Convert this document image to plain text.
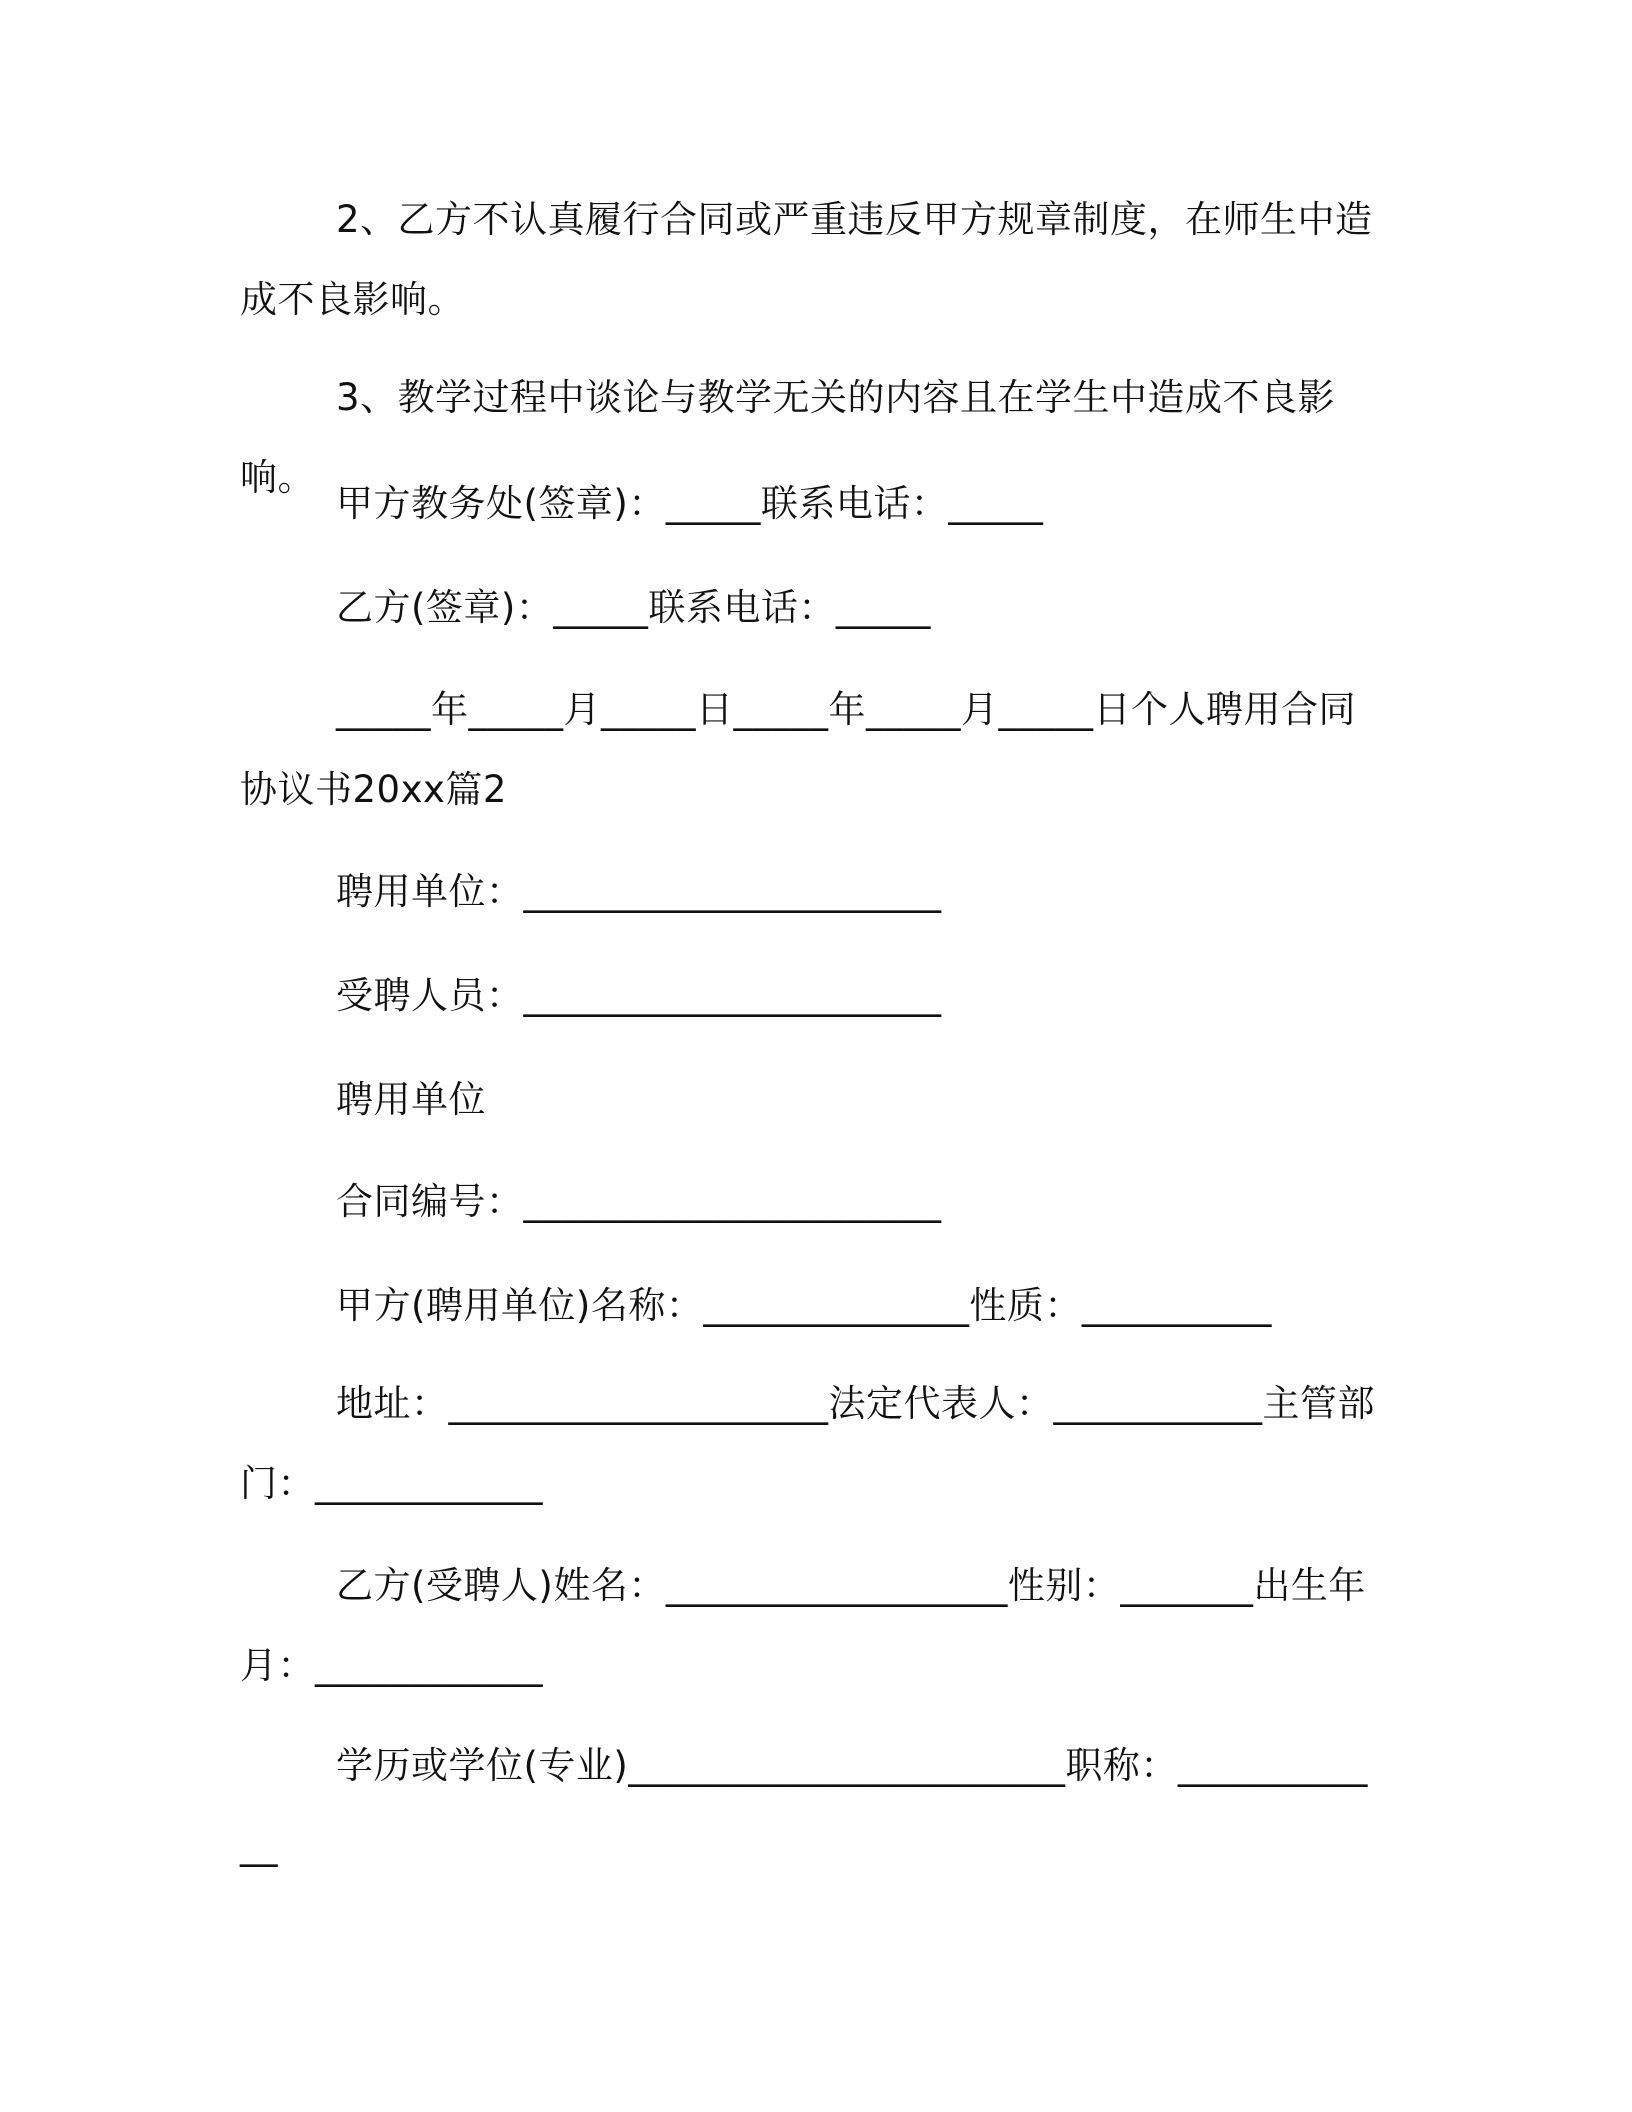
2、乙方不认真履行合同或严重违反甲方规章制度，在师生中造成不良影响。

3、教学过程中谈论与教学无关的内容且在学生中造成不良影响。

甲方教务处(签章)：_____联系电话：_____

乙方(签章)：_____联系电话：_____

_____年_____月_____日_____年_____月_____日个人聘用合同协议书20xx篇2

聘用单位：______________________

受聘人员：______________________

聘用单位

合同编号：______________________

甲方(聘用单位)名称：______________性质：__________

地址：____________________法定代表人：___________主管部门：____________

乙方(受聘人)姓名：__________________性别：_______出生年月：____________

学历或学位(专业)_______________________职称：____________
